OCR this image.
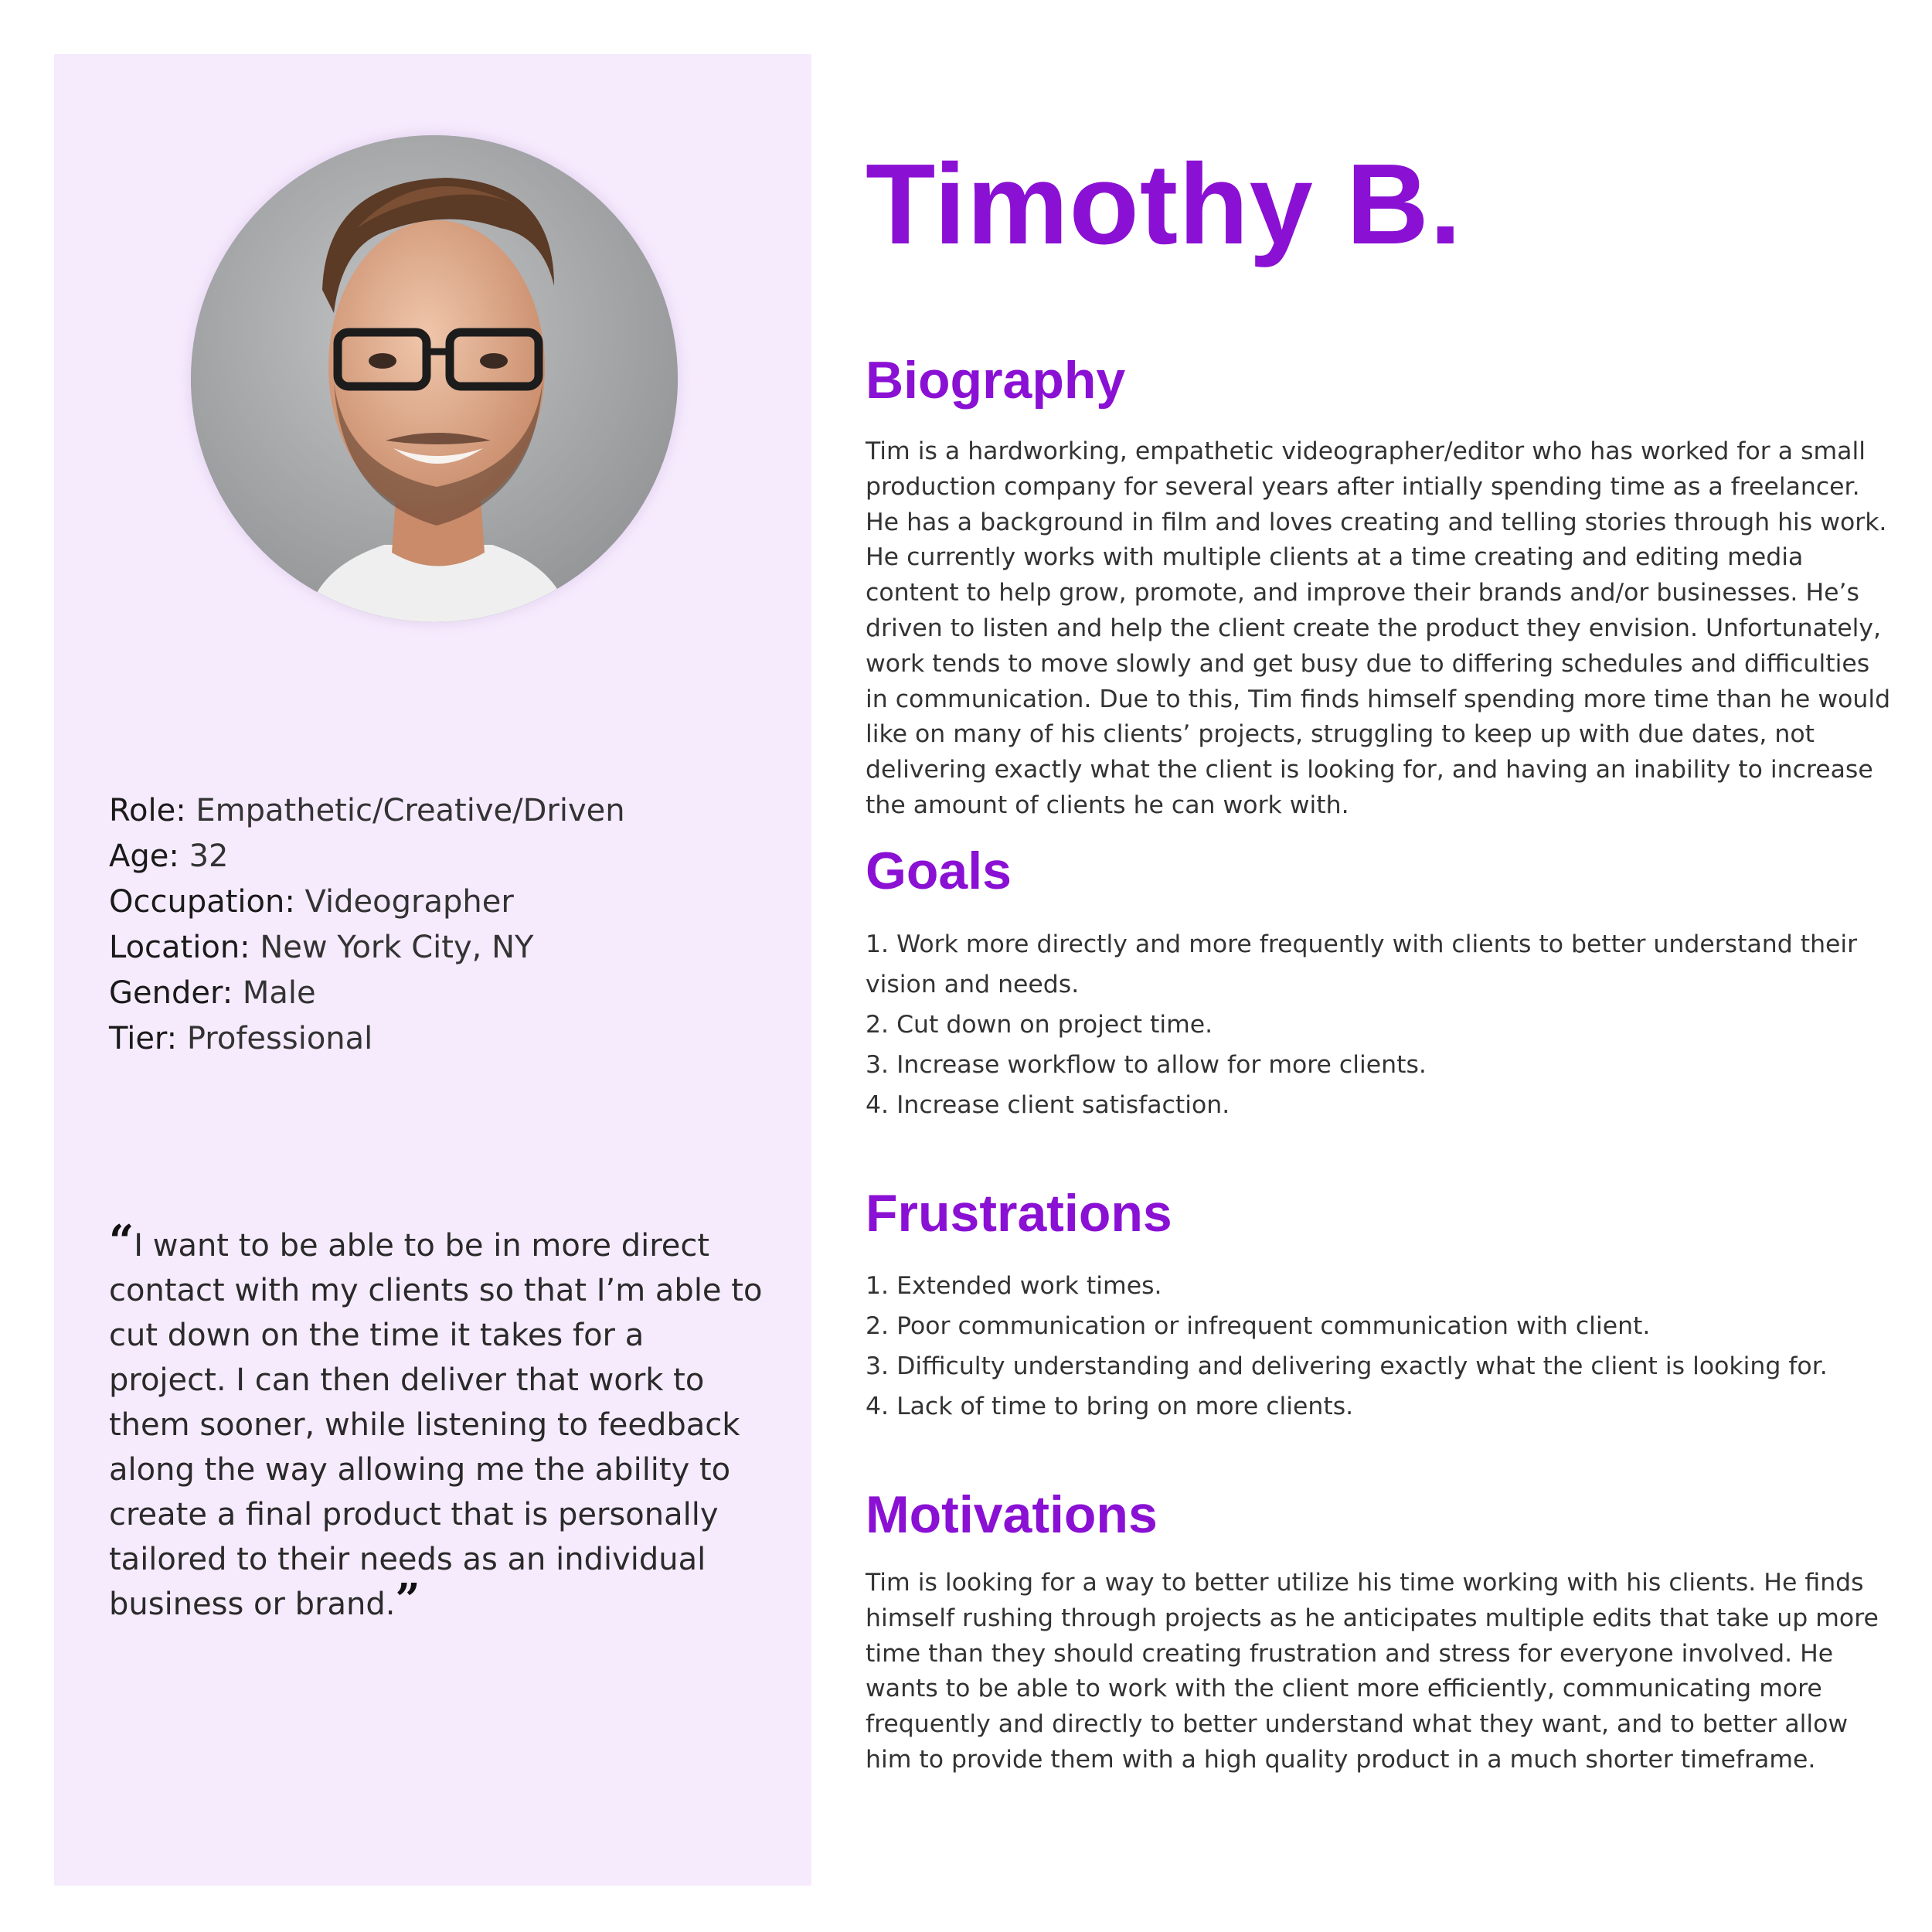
Role: Empathetic/Creative/Driven
Age: 32
Occupation: Videographer
Location: New York City, NY
Gender: Male
Tier: Professional

“I want to be able to be in more direct contact with my clients so that I’m able to cut down on the time it takes for a project. I can then deliver that work to them sooner, while listening to feedback along the way allowing me the ability to create a final product that is personally tailored to their needs as an individual business or brand.”

Timothy B.
Biography

Tim is a hardworking, empathetic videographer/editor who has worked for a small production company for several years after intially spending time as a freelancer. He has a background in film and loves creating and telling stories through his work. He currently works with multiple clients at a time creating and editing media content to help grow, promote, and improve their brands and/or businesses. He’s driven to listen and help the client create the product they envision. Unfortunately, work tends to move slowly and get busy due to differing schedules and difficulties in communication. Due to this, Tim finds himself spending more time than he would like on many of his clients’ projects, struggling to keep up with due dates, not delivering exactly what the client is looking for, and having an inability to increase the amount of clients he can work with.

Goals
1. Work more directly and more frequently with clients to better understand their vision and needs.
2. Cut down on project time.
3. Increase workflow to allow for more clients.
4. Increase client satisfaction.
Frustrations
1. Extended work times.
2. Poor communication or infrequent communication with client.
3. Difficulty understanding and delivering exactly what the client is looking for.
4. Lack of time to bring on more clients.
Motivations

Tim is looking for a way to better utilize his time working with his clients. He finds himself rushing through projects as he anticipates multiple edits that take up more time than they should creating frustration and stress for everyone involved. He wants to be able to work with the client more efficiently, communicating more frequently and directly to better understand what they want, and to better allow him to provide them with a high quality product in a much shorter timeframe.
